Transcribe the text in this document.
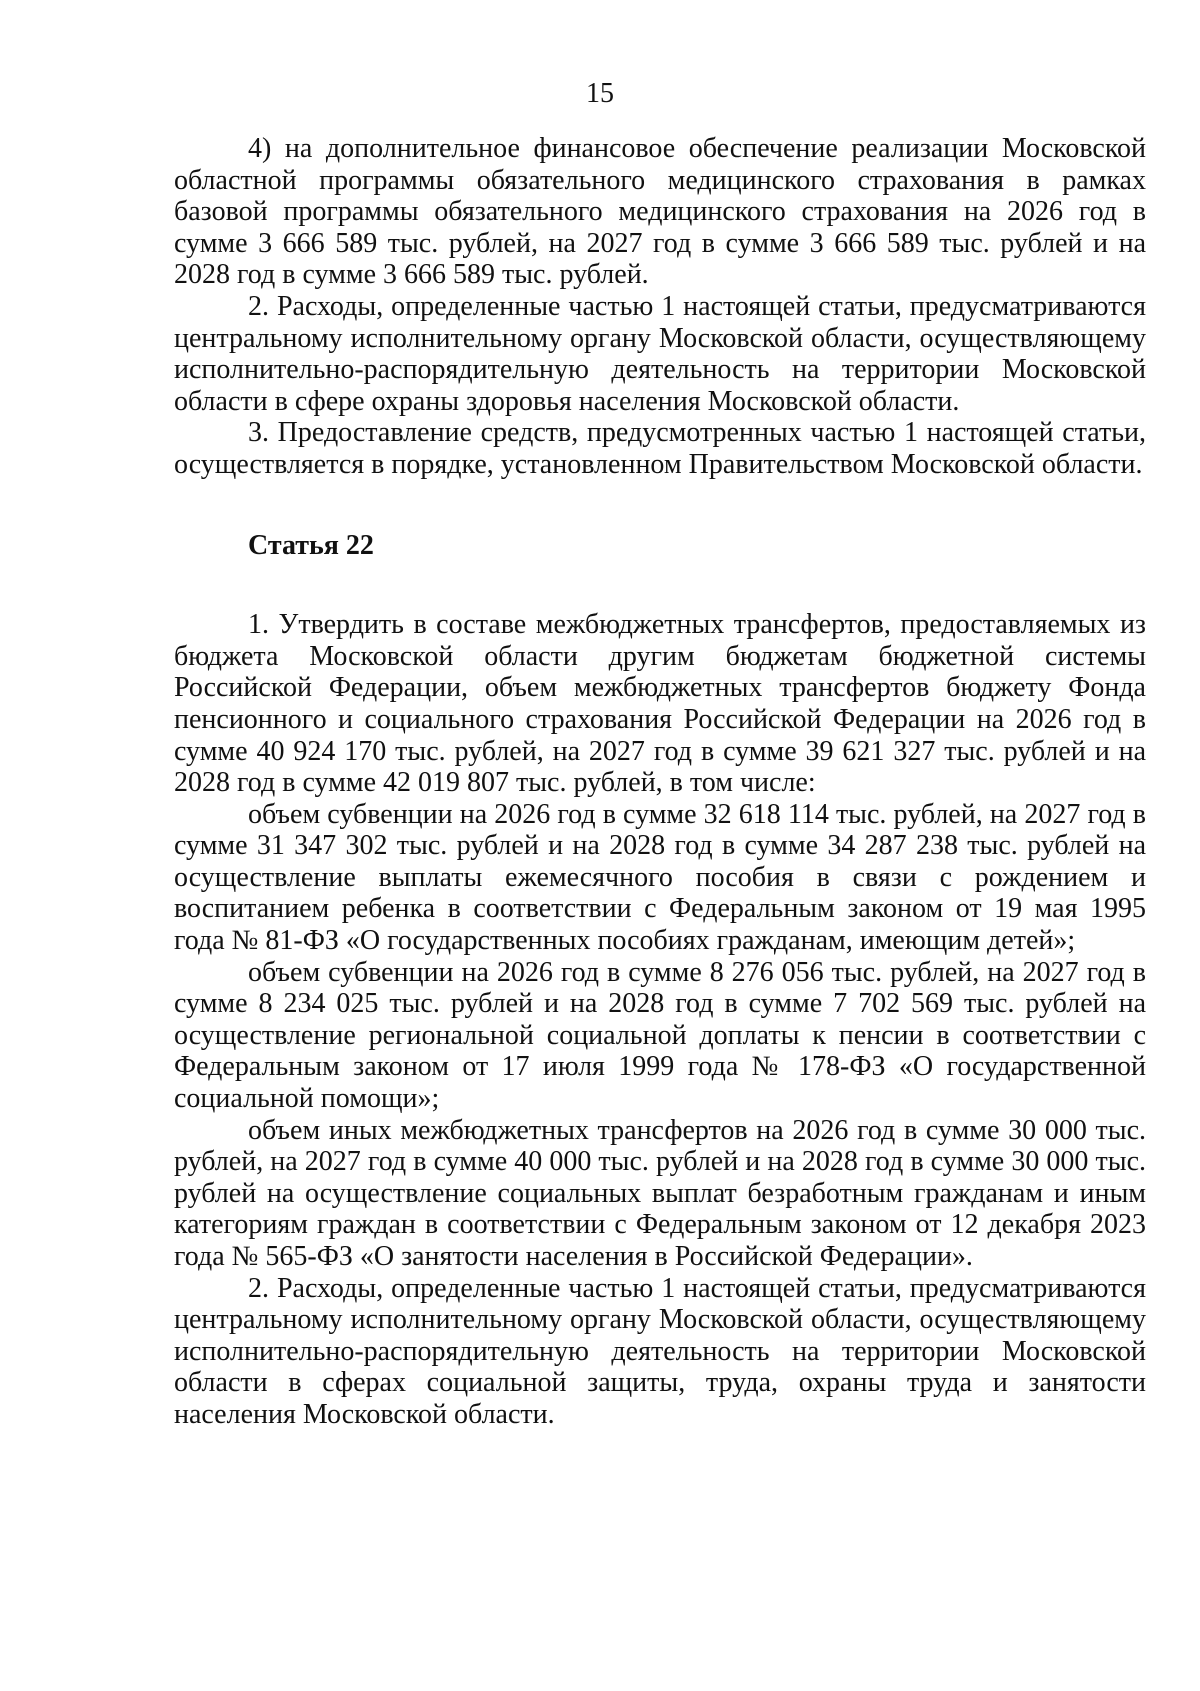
15

4) на дополнительное финансовое обеспечение реализации Московской областной программы обязательного медицинского страхования в рамках базовой программы обязательного медицинского страхования на 2026 год в сумме 3 666 589 тыс. рублей, на 2027 год в сумме 3 666 589 тыс. рублей и на 2028 год в сумме 3 666 589 тыс. рублей.

2. Расходы, определенные частью 1 настоящей статьи, предусматриваются центральному исполнительному органу Московской области, осуществляющему исполнительно-распорядительную деятельность на территории Московской области в сфере охраны здоровья населения Московской области.

3. Предоставление средств, предусмотренных частью 1 настоящей статьи, осуществляется в порядке, установленном Правительством Московской области.

Статья 22

1. Утвердить в составе межбюджетных трансфертов, предоставляемых из бюджета Московской области другим бюджетам бюджетной системы Российской Федерации, объем межбюджетных трансфертов бюджету Фонда пенсионного и социального страхования Российской Федерации на 2026 год в сумме 40 924 170 тыс. рублей, на 2027 год в сумме 39 621 327 тыс. рублей и на 2028 год в сумме 42 019 807 тыс. рублей, в том числе:

объем субвенции на 2026 год в сумме 32 618 114 тыс. рублей, на 2027 год в сумме 31 347 302 тыс. рублей и на 2028 год в сумме 34 287 238 тыс. рублей на осуществление выплаты ежемесячного пособия в связи с рождением и воспитанием ребенка в соответствии с Федеральным законом от 19 мая 1995 года № 81-ФЗ «О государственных пособиях гражданам, имеющим детей»;

объем субвенции на 2026 год в сумме 8 276 056 тыс. рублей, на 2027 год в сумме 8 234 025 тыс. рублей и на 2028 год в сумме 7 702 569 тыс. рублей на осуществление региональной социальной доплаты к пенсии в соответствии с Федеральным законом от 17 июля 1999 года № 178-ФЗ «О государственной социальной помощи»;

объем иных межбюджетных трансфертов на 2026 год в сумме 30 000 тыс. рублей, на 2027 год в сумме 40 000 тыс. рублей и на 2028 год в сумме 30 000 тыс. рублей на осуществление социальных выплат безработным гражданам и иным категориям граждан в соответствии с Федеральным законом от 12 декабря 2023 года № 565-ФЗ «О занятости населения в Российской Федерации».

2. Расходы, определенные частью 1 настоящей статьи, предусматриваются центральному исполнительному органу Московской области, осуществляющему исполнительно-распорядительную деятельность на территории Московской области в сферах социальной защиты, труда, охраны труда и занятости населения Московской области.
